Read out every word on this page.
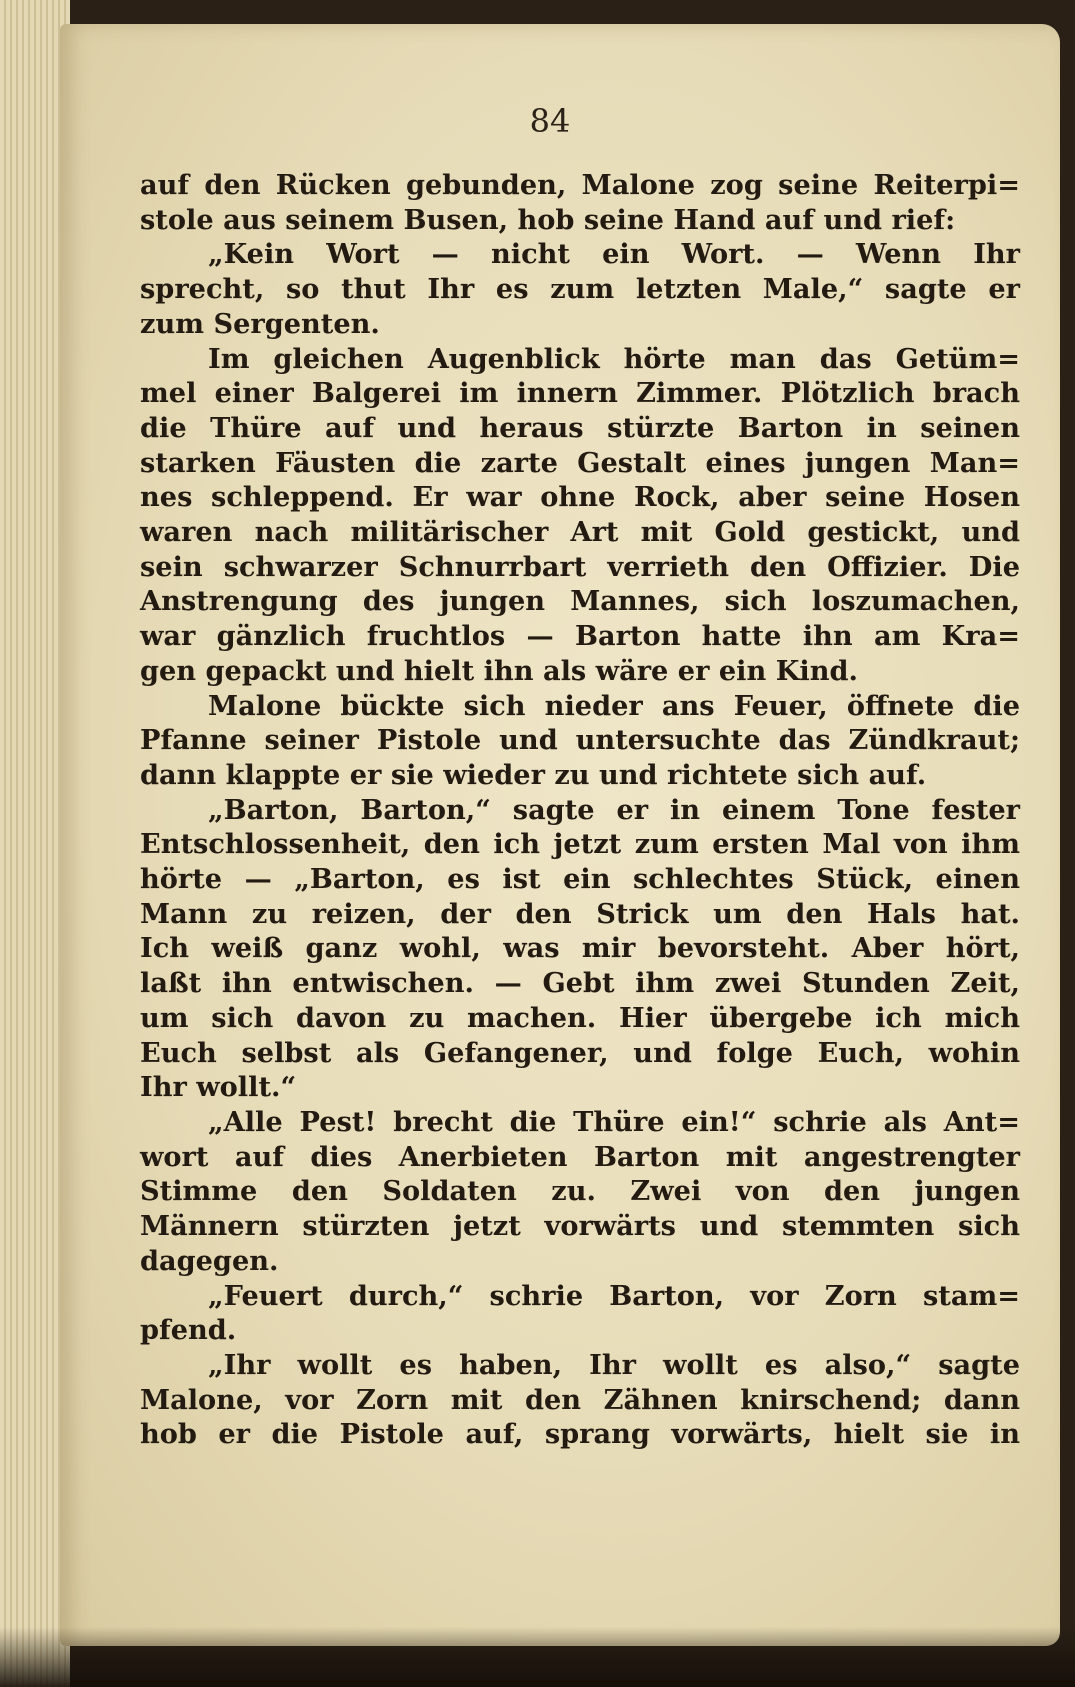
84
auf den Rücken gebunden, Malone zog seine Reiterpi=
stole aus seinem Busen, hob seine Hand auf und rief:
„Kein Wort — nicht ein Wort. — Wenn Ihr
sprecht, so thut Ihr es zum letzten Male,“ sagte er
zum Sergenten.
Im gleichen Augenblick hörte man das Getüm=
mel einer Balgerei im innern Zimmer. Plötzlich brach
die Thüre auf und heraus stürzte Barton in seinen
starken Fäusten die zarte Gestalt eines jungen Man=
nes schleppend. Er war ohne Rock, aber seine Hosen
waren nach militärischer Art mit Gold gestickt, und
sein schwarzer Schnurrbart verrieth den Offizier. Die
Anstrengung des jungen Mannes, sich loszumachen,
war gänzlich fruchtlos — Barton hatte ihn am Kra=
gen gepackt und hielt ihn als wäre er ein Kind.
Malone bückte sich nieder ans Feuer, öffnete die
Pfanne seiner Pistole und untersuchte das Zündkraut;
dann klappte er sie wieder zu und richtete sich auf.
„Barton, Barton,“ sagte er in einem Tone fester
Entschlossenheit, den ich jetzt zum ersten Mal von ihm
hörte — „Barton, es ist ein schlechtes Stück, einen
Mann zu reizen, der den Strick um den Hals hat.
Ich weiß ganz wohl, was mir bevorsteht. Aber hört,
laßt ihn entwischen. — Gebt ihm zwei Stunden Zeit,
um sich davon zu machen. Hier übergebe ich mich
Euch selbst als Gefangener, und folge Euch, wohin
Ihr wollt.“
„Alle Pest! brecht die Thüre ein!“ schrie als Ant=
wort auf dies Anerbieten Barton mit angestrengter
Stimme den Soldaten zu. Zwei von den jungen
Männern stürzten jetzt vorwärts und stemmten sich
dagegen.
„Feuert durch,“ schrie Barton, vor Zorn stam=
pfend.
„Ihr wollt es haben, Ihr wollt es also,“ sagte
Malone, vor Zorn mit den Zähnen knirschend; dann
hob er die Pistole auf, sprang vorwärts, hielt sie in
